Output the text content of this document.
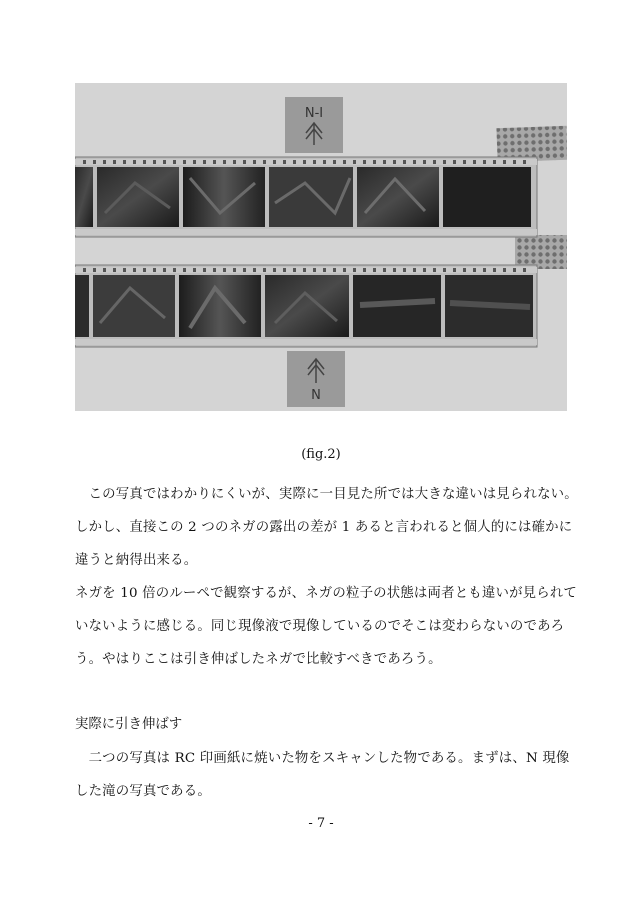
N-I
N
(fig.2)
　この写真ではわかりにくいが、実際に一目見た所では大きな違いは見られない。
しかし、直接この 2 つのネガの露出の差が 1 あると言われると個人的には確かに
違うと納得出来る。
ネガを 10 倍のルーペで観察するが、ネガの粒子の状態は両者とも違いが見られて
いないように感じる。同じ現像液で現像しているのでそこは変わらないのであろ
う。やはりここは引き伸ばしたネガで比較すべきであろう。
実際に引き伸ばす
　二つの写真は RC 印画紙に焼いた物をスキャンした物である。まずは、N 現像
した滝の写真である。
- 7 -
